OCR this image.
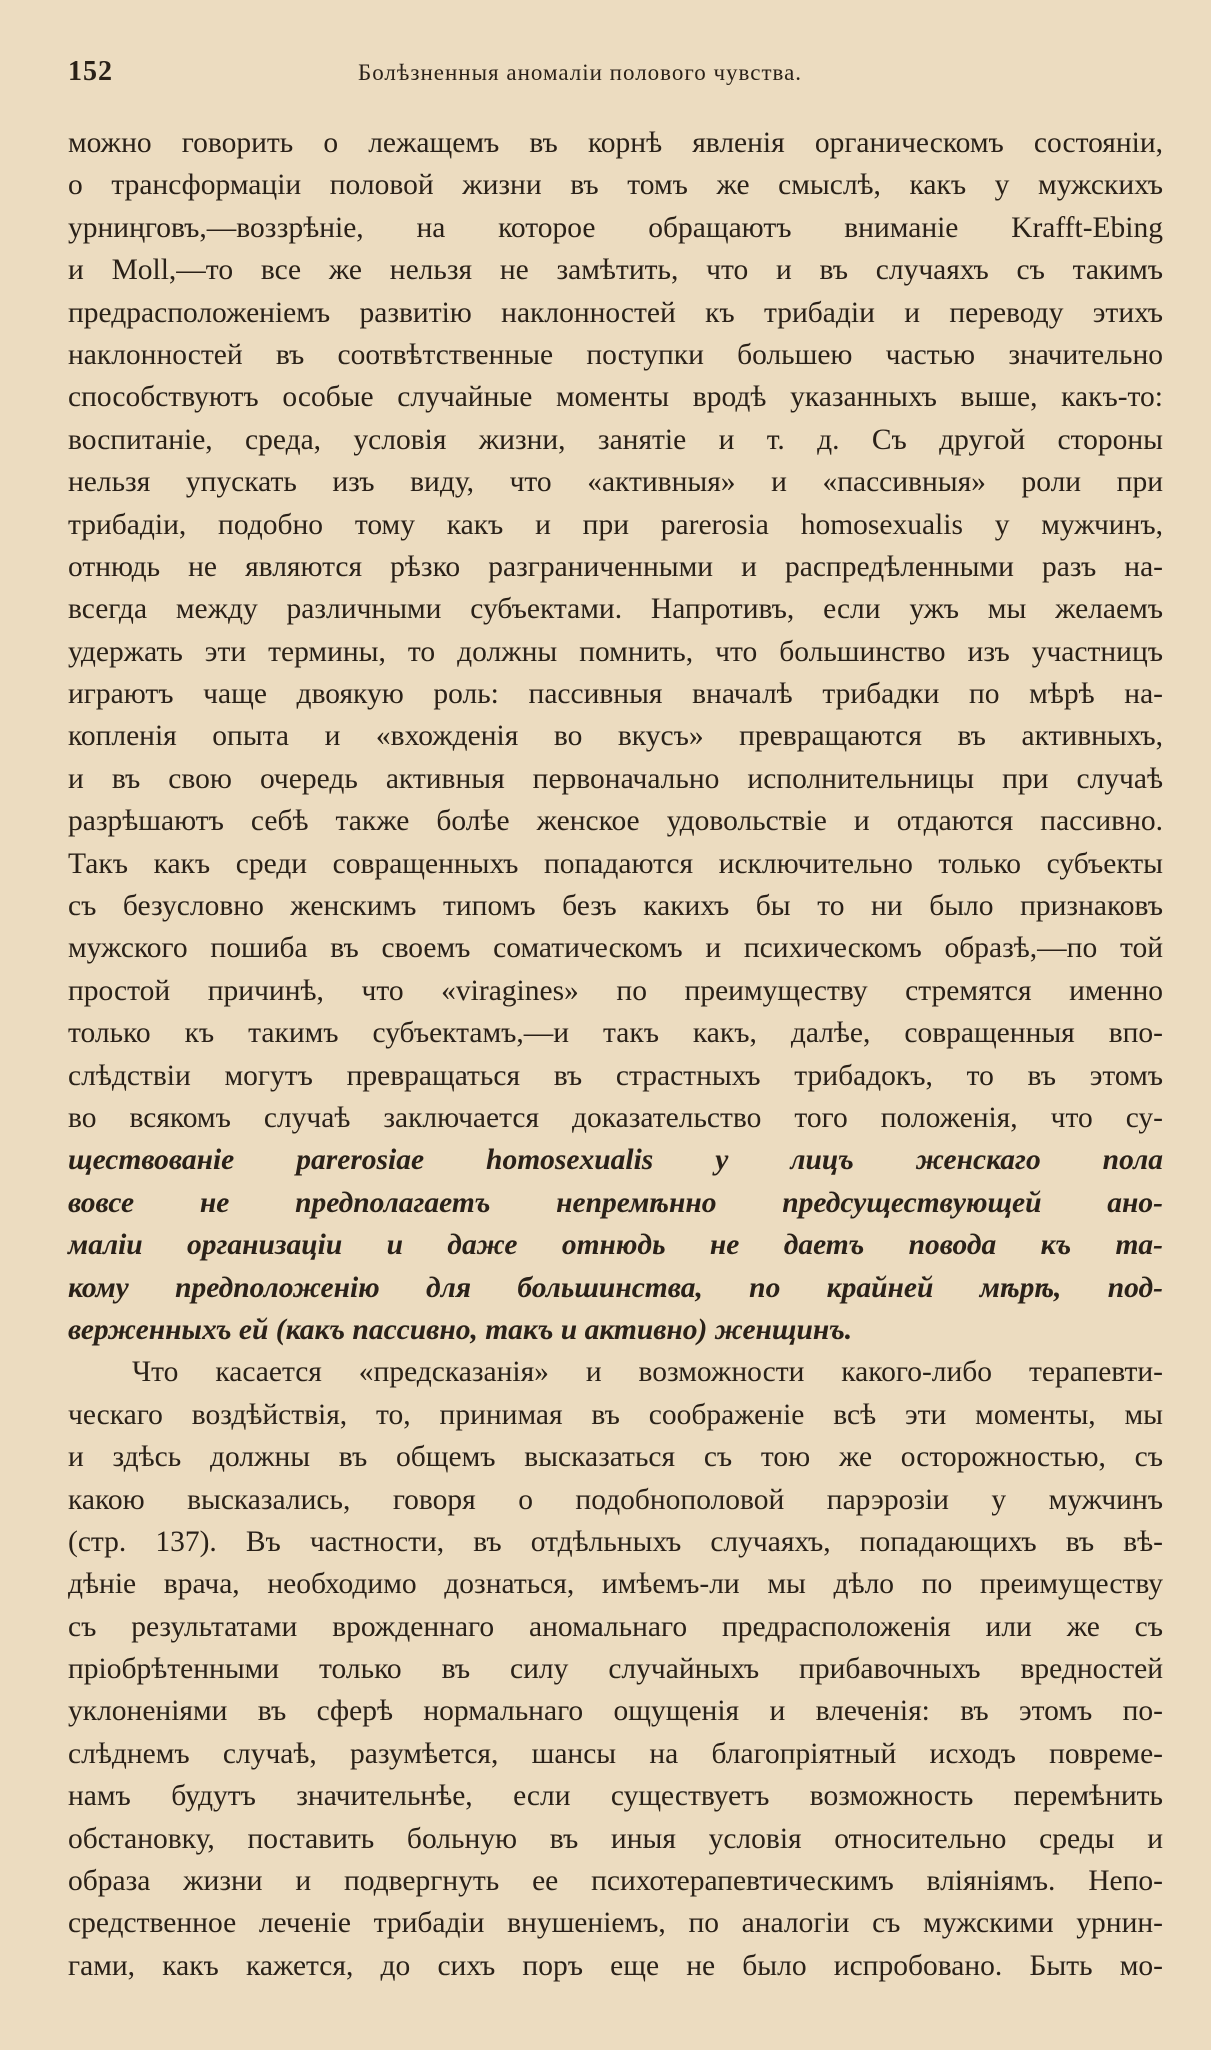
152	Болѣзненныя аномаліи полового чувства.
можно говорить о лежащемъ въ корнѣ явленія органическомъ состояніи,
о трансформаціи половой жизни въ томъ же смыслѣ, какъ у мужскихъ
урниңговъ,—воззрѣніе, на которое обращаютъ вниманіе Krafft-Ebing
и Moll,—то все же нельзя не замѣтить, что и въ случаяхъ съ такимъ
предрасположеніемъ развитію наклонностей къ трибадіи и переводу этихъ
наклонностей въ соотвѣтственные поступки большею частью значительно
способствуютъ особые случайные моменты вродѣ указанныхъ выше, какъ-то:
воспитаніе, среда, условія жизни, занятіе и т. д. Съ другой стороны
нельзя упускать изъ виду, что «активныя» и «пассивныя» роли при
трибадіи, подобно тому какъ и при parerosia homosexualis у мужчинъ,
отнюдь не являются рѣзко разграниченными и распредѣленными разъ на-
всегда между различными субъектами. Напротивъ, если ужъ мы желаемъ
удержать эти термины, то должны помнить, что большинство изъ участницъ
играютъ чаще двоякую роль: пассивныя вначалѣ трибадки по мѣрѣ на-
копленія опыта и «вхожденія во вкусъ» превращаются въ активныхъ,
и въ свою очередь активныя первоначально исполнительницы при случаѣ
разрѣшаютъ себѣ также болѣе женское удовольствіе и отдаются пассивно.
Такъ какъ среди совращенныхъ попадаются исключительно только субъекты
съ безусловно женскимъ типомъ безъ какихъ бы то ни было признаковъ
мужского пошиба въ своемъ соматическомъ и психическомъ образѣ,—по той
простой причинѣ, что «viragines» по преимуществу стремятся именно
только къ такимъ субъектамъ,—и такъ какъ, далѣе, совращенныя впо-
слѣдствіи могутъ превращаться въ страстныхъ трибадокъ, то въ этомъ
во всякомъ случаѣ заключается доказательство того положенія, что су-
ществованіе parerosiae homosexualis у лицъ женскаго пола
вовсе не предполагаетъ непремѣнно предсуществующей ано-
маліи организаціи и даже отнюдь не даетъ повода къ та-
кому предположенію для большинства, по крайней мѣрѣ, под-
верженныхъ ей (какъ пассивно, такъ и активно) женщинъ.
Что касается «предсказанія» и возможности какого-либо терапевти-
ческаго воздѣйствія, то, принимая въ соображеніе всѣ эти моменты, мы
и здѣсь должны въ общемъ высказаться съ тою же осторожностью, съ
какою высказались, говоря о подобнополовой парэрозіи у мужчинъ
(стр. 137). Въ частности, въ отдѣльныхъ случаяхъ, попадающихъ въ вѣ-
дѣніе врача, необходимо дознаться, имѣемъ-ли мы дѣло по преимуществу
съ результатами врожденнаго аномальнаго предрасположенія или же съ
пріобрѣтенными только въ силу случайныхъ прибавочныхъ вредностей
уклоненіями въ сферѣ нормальнаго ощущенія и влеченія: въ этомъ по-
слѣднемъ случаѣ, разумѣется, шансы на благопріятный исходъ повреме-
намъ будутъ значительнѣе, если существуетъ возможность перемѣнить
обстановку, поставить больную въ иныя условія относительно среды и
образа жизни и подвергнуть ее психотерапевтическимъ вліяніямъ. Непо-
средственное леченіе трибадіи внушеніемъ, по аналогіи съ мужскими урнин-
гами, какъ кажется, до сихъ поръ еще не было испробовано. Быть мо-
